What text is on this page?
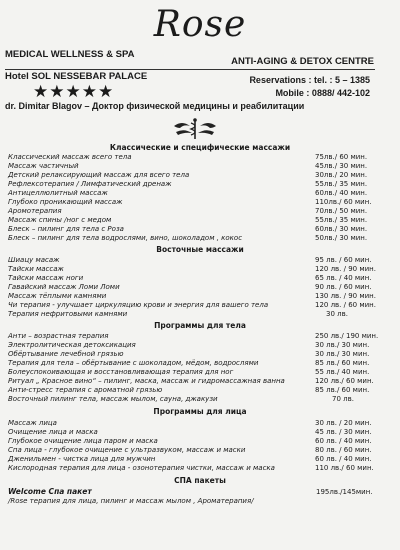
Rose
MEDICAL WELLNESS & SPA
ANTI-AGING & DETOX CENTRE
Hotel SOL NESSEBAR PALACE	Reservations : tel. : 5 – 1385
★★★★★	Mobile : 0888/ 442-102
dr. Dimitar Blagov – Доктор физической медицины и реабилитации
Классические и специфические массажи
Классический массаж всего тела	75лв./ 60 мин.
Массаж частичный	45лв./ 30 мин.
Детский релаксирующий массаж для всего тела	30лв./ 20 мин.
Рефлексотерапия / Лимфатический дренаж	55лв./ 35 мин.
Антицеллюлитный массаж	60лв./ 40 мин.
Глубоко проникающий массаж	110лв./ 60 мин.
Аромотерапия	70лв./ 50 мин.
Массаж спины /ног с медом	55лв./ 35 мин.
Блеск – пилинг для тела с Роза	60лв./ 30 мин.
Блеск – пилинг для тела водрослями, вино, шоколадом , кокос	50лв./ 30 мин.
Восточные массажи
Шиацу масаж	95 лв. / 60 мин.
Тайски массаж	120 лв. / 90 мин.
Тайски массаж ноги	65 лв. / 40 мин.
Гавайский массаж Ломи Ломи	90 лв. / 60 мин.
Массаж тёплыми камнями	130 лв. / 90 мин.
Чи терапия - улучшает циркуляцию крови и энергия для вашего тела	120 лв. / 60 мин.
Терапия нефритовыми камнями	30 лв.
Программы для тела
Анти – возрастная терапия	250 лв./ 190 мин.
Электролитическая детоксикация	30 лв./ 30 мин.
Обёртывание лечебной грязью	30 лв./ 30 мин.
Терапия для тела – обёртывание с шоколадом, мёдом, водрослями	85 лв./ 60 мин.
Болеуспокоивающая и восстановливающая терапия для ног	55 лв./ 40 мин.
Ритуал „ Красное вино“ – пилинг, маска, массаж и гидромассажная ванна	120 лв./ 60 мин.
Анти-стресс терапия с ароматной грязью	85 лв./ 60 мин.
Восточный пилинг тела, массаж мылом, сауна, джакузи	70 лв.
Программы для лица
Массаж лица	30 лв. / 20 мин.
Очищение лица и маска	45 лв. / 30 мин.
Глубокое очищение лица паром и маска	60 лв. / 40 мин.
Спа лица - глубокое очищение с ультразвуком, массаж и маски	80 лв. / 60 мин.
Дженильмен - чистка лица для мужчин	60 лв. / 40 мин.
Кислородная терапия для лица - озонотерапия чистки, массаж и маска	110 лв./ 60 мин.
СПА пакеты
Welcome Спа пакет	195лв./145мин.
/Rose терапия для лица, пилинг и массаж мылом , Аромaтерапия/
